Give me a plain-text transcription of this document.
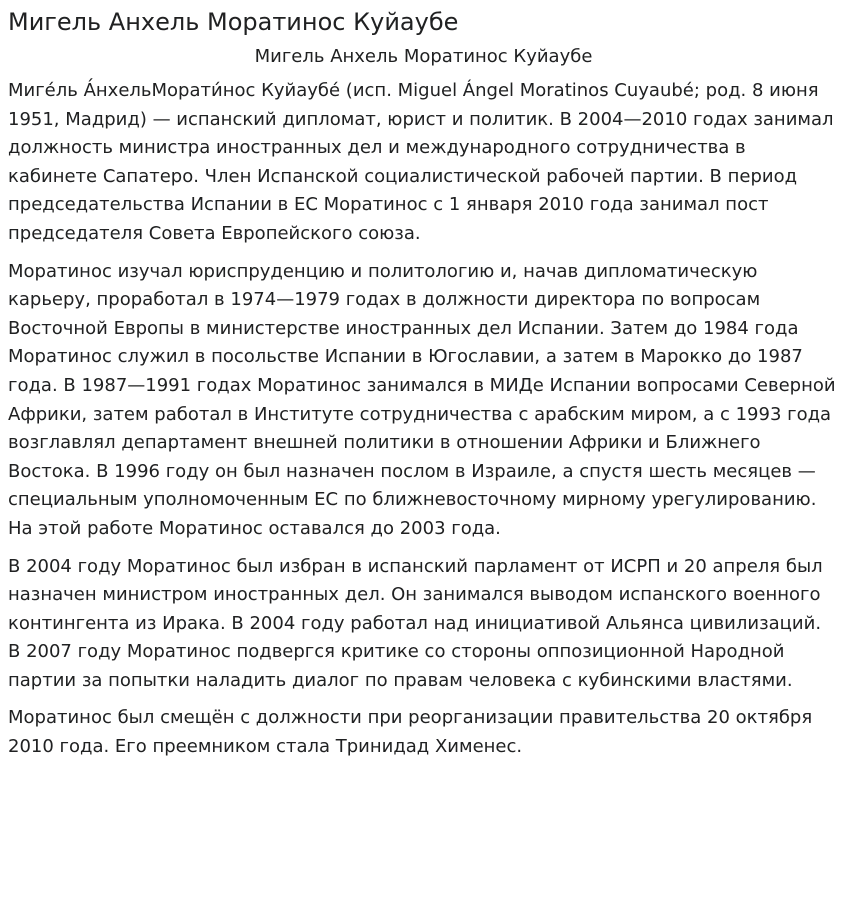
Мигель Анхель Моратинос Куйаубе
Мигель Анхель Моратинос Куйаубе

Миге́ль А́нхельМорати́нос Куйаубе́ (исп. Miguel Ángel Moratinos Cuyaubé; род. 8 июня 1951, Мадрид) — испанский дипломат, юрист и политик. В 2004—2010 годах занимал должность министра иностранных дел и международного сотрудничества в кабинете Сапатеро. Член Испанской социалистической рабочей партии. В период председательства Испании в ЕС Моратинос с 1 января 2010 года занимал пост председателя Совета Европейского союза.

Моратинос изучал юриспруденцию и политологию и, начав дипломатическую карьеру, проработал в 1974—1979 годах в должности директора по вопросам Восточной Европы в министерстве иностранных дел Испании. Затем до 1984 года Моратинос служил в посольстве Испании в Югославии, а затем в Марокко до 1987 года. В 1987—1991 годах Моратинос занимался в МИДе Испании вопросами Северной Африки, затем работал в Институте сотрудничества с арабским миром, а с 1993 года возглавлял департамент внешней политики в отношении Африки и Ближнего Востока. В 1996 году он был назначен послом в Израиле, а спустя шесть месяцев — специальным уполномоченным ЕС по ближневосточному мирному урегулированию. На этой работе Моратинос оставался до 2003 года.

В 2004 году Моратинос был избран в испанский парламент от ИСРП и 20 апреля был назначен министром иностранных дел. Он занимался выводом испанского военного контингента из Ирака. В 2004 году работал над инициативой Альянса цивилизаций. В 2007 году Моратинос подвергся критике со стороны оппозиционной Народной партии за попытки наладить диалог по правам человека с кубинскими властями.

Моратинос был смещён с должности при реорганизации правительства 20 октября 2010 года. Его преемником стала Тринидад Хименес.
